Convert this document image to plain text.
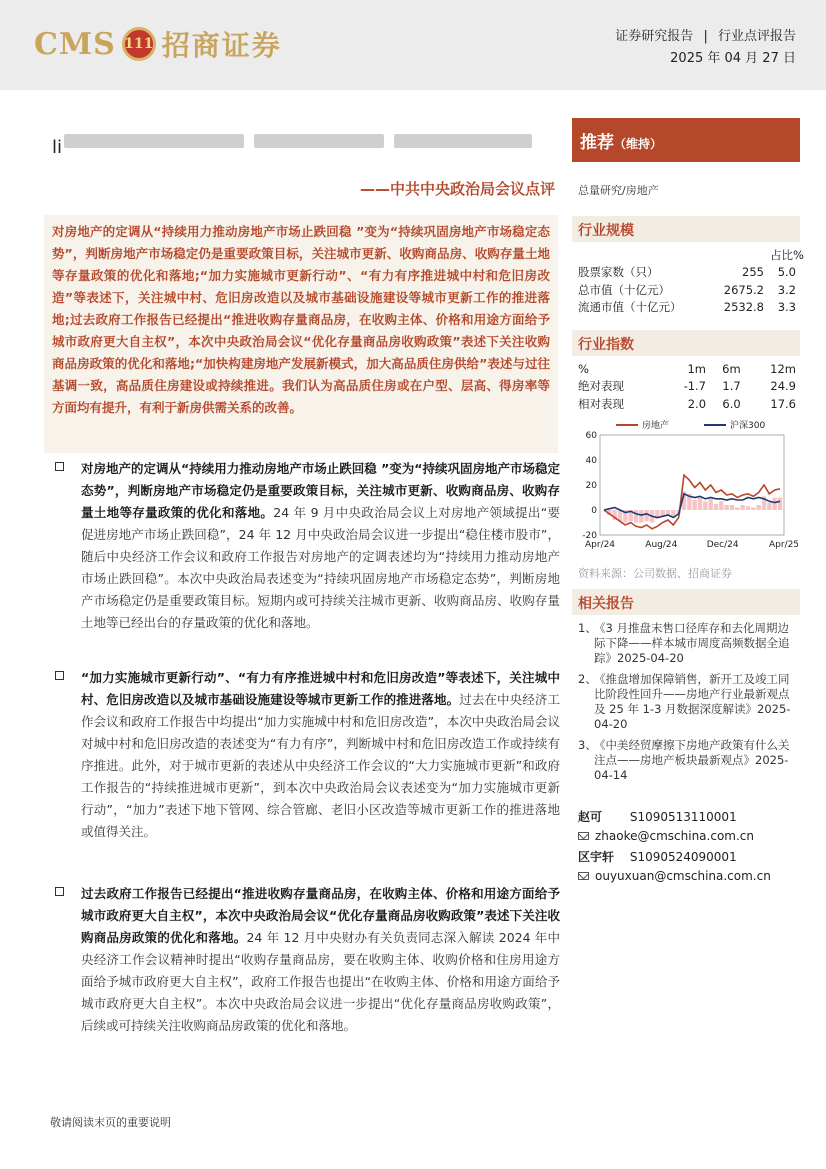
CMS 111 招商证券	证券研究报告 | 行业点评报告
2025 年 04 月 27 日
li
——中共中央政治局会议点评
对房地产的定调从“持续用力推动房地产市场止跌回稳 ”变为“持续巩固房地产市场稳定态势”，判断房地产市场稳定仍是重要政策目标，关注城市更新、收购商品房、收购存量土地等存量政策的优化和落地;“加力实施城市更新行动”、“有力有序推进城中村和危旧房改造”等表述下，关注城中村、危旧房改造以及城市基础设施建设等城市更新工作的推进落地;过去政府工作报告已经提出“推进收购存量商品房，在收购主体、价格和用途方面给予城市政府更大自主权”，本次中央政治局会议“优化存量商品房收购政策”表述下关注收购商品房政策的优化和落地;“加快构建房地产发展新模式，加大高品质住房供给”表述与过往基调一致，高品质住房建设或持续推进。我们认为高品质住房或在户型、层高、得房率等方面均有提升，有利于新房供需关系的改善。
对房地产的定调从“持续用力推动房地产市场止跌回稳 ”变为“持续巩固房地产市场稳定态势”，判断房地产市场稳定仍是重要政策目标，关注城市更新、收购商品房、收购存量土地等存量政策的优化和落地。24 年 9 月中央政治局会议上对房地产领域提出“要促进房地产市场止跌回稳”，24 年 12 月中央政治局会议进一步提出“稳住楼市股市”，随后中央经济工作会议和政府工作报告对房地产的定调表述均为“持续用力推动房地产市场止跌回稳”。本次中央政治局表述变为“持续巩固房地产市场稳定态势”，判断房地产市场稳定仍是重要政策目标。短期内或可持续关注城市更新、收购商品房、收购存量土地等已经出台的存量政策的优化和落地。
“加力实施城市更新行动”、“有力有序推进城中村和危旧房改造”等表述下，关注城中村、危旧房改造以及城市基础设施建设等城市更新工作的推进落地。过去在中央经济工作会议和政府工作报告中均提出“加力实施城中村和危旧房改造”，本次中央政治局会议对城中村和危旧房改造的表述变为“有力有序”，判断城中村和危旧房改造工作或持续有序推进。此外，对于城市更新的表述从中央经济工作会议的“大力实施城市更新”和政府工作报告的“持续推进城市更新”，到本次中央政治局会议表述变为“加力实施城市更新行动”，“加力”表述下地下管网、综合管廊、老旧小区改造等城市更新工作的推进落地或值得关注。
过去政府工作报告已经提出“推进收购存量商品房，在收购主体、价格和用途方面给予城市政府更大自主权”，本次中央政治局会议“优化存量商品房收购政策”表述下关注收购商品房政策的优化和落地。24 年 12 月中央财办有关负责同志深入解读 2024 年中央经济工作会议精神时提出“收购存量商品房，要在收购主体、收购价格和住房用途方面给予城市政府更大自主权”，政府工作报告也提出“在收购主体、价格和用途方面给予城市政府更大自主权”。本次中央政治局会议进一步提出“优化存量商品房收购政策”，后续或可持续关注收购商品房政策的优化和落地。
敬请阅读末页的重要说明
推荐（维持）
总量研究/房地产
行业规模
		占比%
股票家数（只）	255	5.0
总市值（十亿元）	2675.2	3.2
流通市值（十亿元）	2532.8	3.3
行业指数
%	1m	6m	12m
绝对表现	-1.7	1.7	24.9
相对表现	2.0	6.0	17.6
60
40
20
0
-20
Apr/24	Aug/24	Dec/24	Apr/25
房地产	沪深300
资料来源：公司数据、招商证券
相关报告
1、
《3 月推盘末售口径库存和去化周期边际下降——样本城市周度高频数据全追踪》2025-04-20
2、
《推盘增加保障销售，新开工及竣工同比阶段性回升——房地产行业最新观点及 25 年 1-3 月数据深度解读》2025-04-20
3、
《中美经贸摩擦下房地产政策有什么关注点——房地产板块最新观点》2025-04-14
赵可 S1090513110001
zhaoke@cmschina.com.cn
区宇轩 S1090524090001
ouyuxuan@cmschina.com.cn
